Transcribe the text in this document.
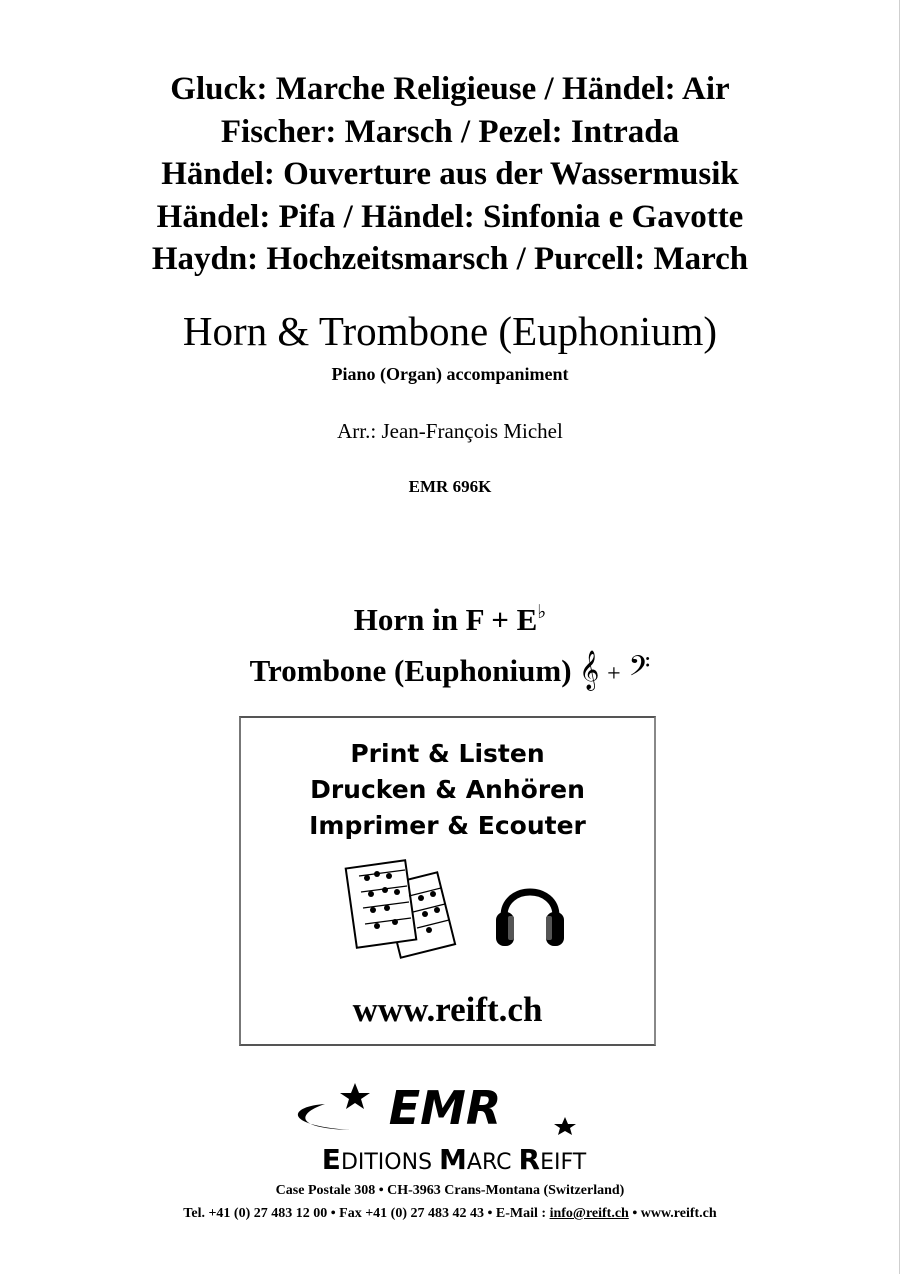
Gluck: Marche Religieuse / Händel: Air
Fischer: Marsch / Pezel: Intrada
Händel: Ouverture aus der Wassermusik
Händel: Pifa / Händel: Sinfonia e Gavotte
Haydn: Hochzeitsmarsch / Purcell: March
Horn & Trombone (Euphonium)
Piano (Organ) accompaniment
Arr.: Jean-François Michel
EMR 696K
Horn in F + E♭
Trombone (Euphonium) 𝄞 + 𝄢
Print & Listen
Drucken & Anhören
Imprimer & Ecouter
www.reift.ch
EMR
EDITIONS MARC REIFT
Case Postale 308 • CH-3963 Crans-Montana (Switzerland)
Tel. +41 (0) 27 483 12 00 • Fax +41 (0) 27 483 42 43 • E-Mail : info@reift.ch • www.reift.ch
